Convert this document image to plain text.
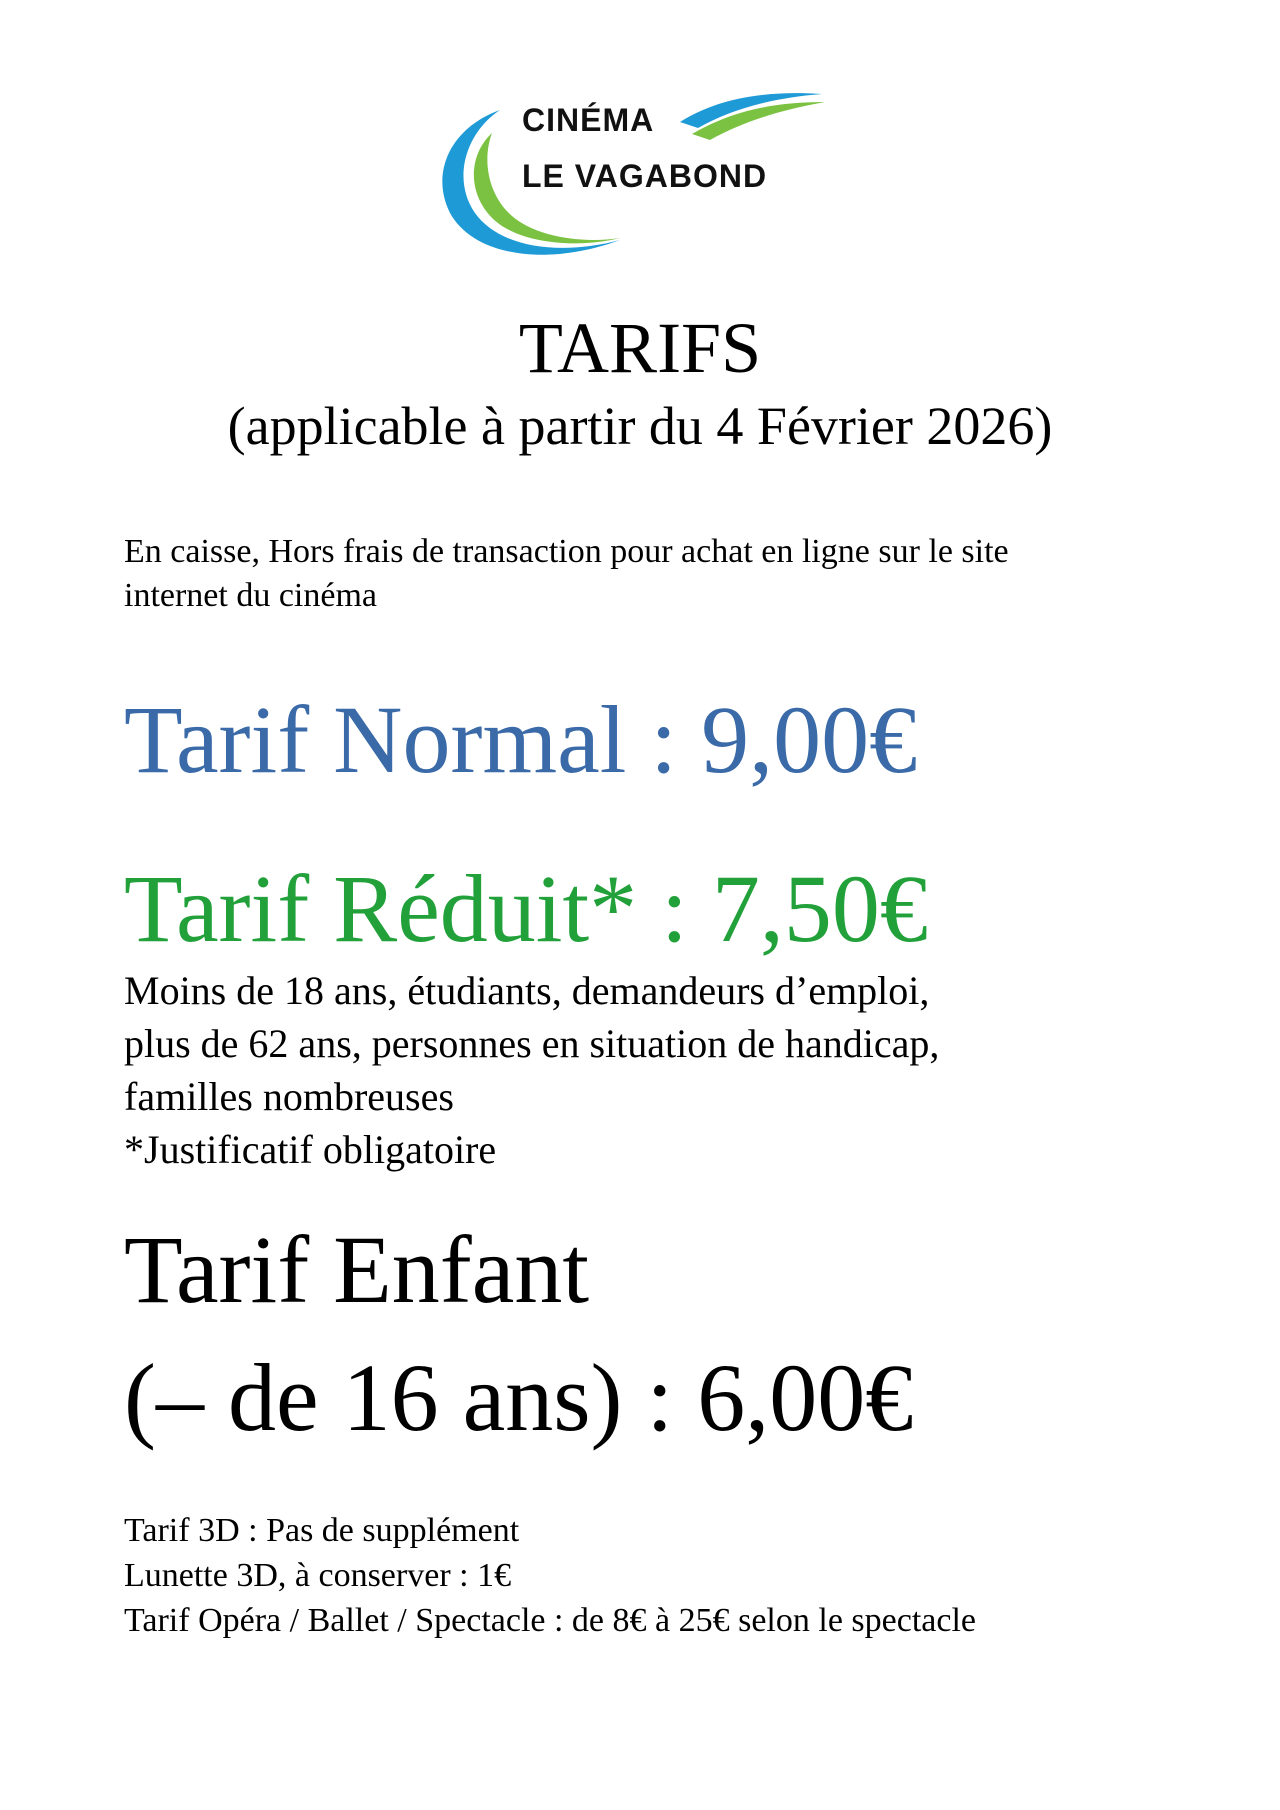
CINÉMA
LE VAGABOND
TARIFS
(applicable à partir du 4 Février 2026)
En caisse, Hors frais de transaction pour achat en ligne sur le site
internet du cinéma
Tarif Normal : 9,00€
Tarif Réduit* : 7,50€
Moins de 18 ans, étudiants, demandeurs d’emploi,
plus de 62 ans, personnes en situation de handicap,
familles nombreuses
*Justificatif obligatoire
Tarif Enfant
(– de 16 ans) : 6,00€
Tarif 3D : Pas de supplément
Lunette 3D, à conserver : 1€
Tarif Opéra / Ballet / Spectacle : de 8€ à 25€ selon le spectacle
